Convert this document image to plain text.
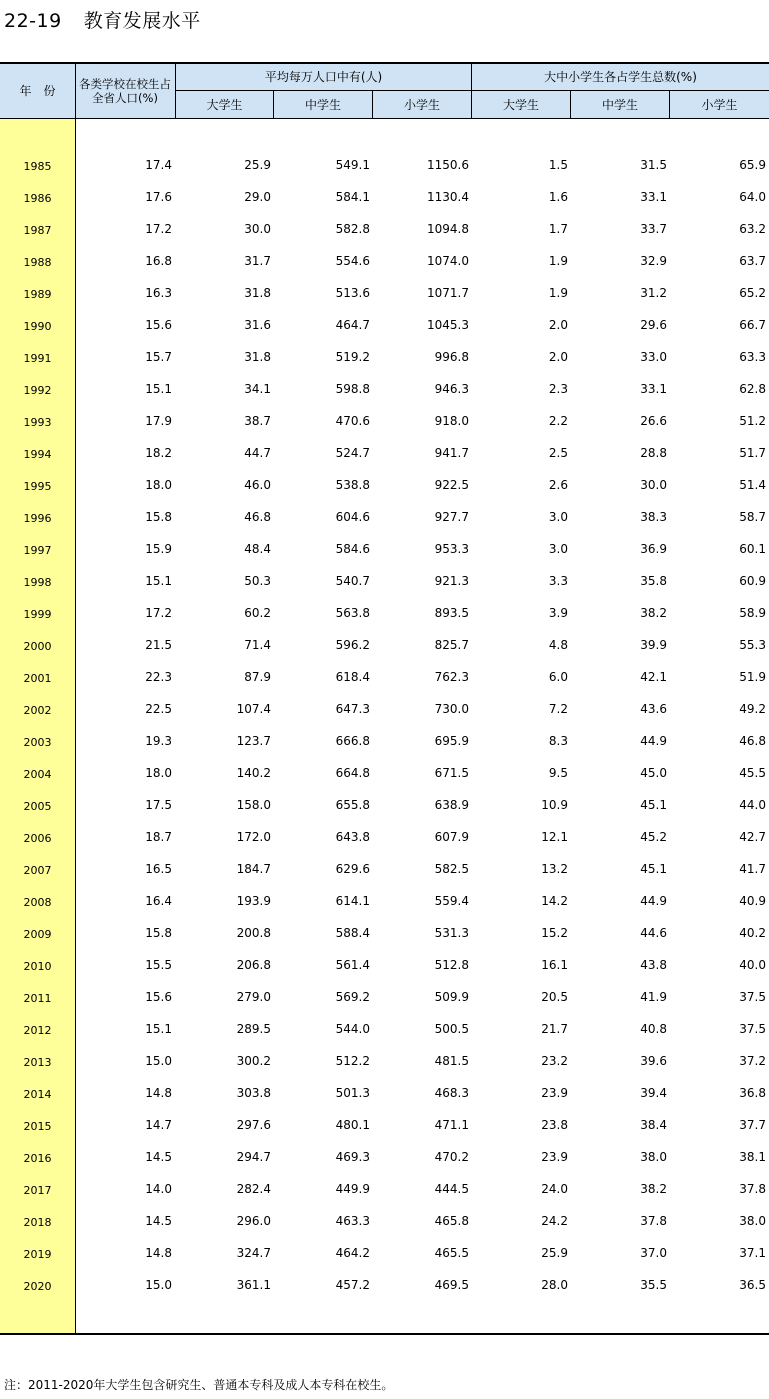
22-19 教育发展水平
年　份	各类学校在校生占全省人口(%)
平均每万人口中有(人)	大中小学生各占学生总数(%)
大学生	中学生	小学生	大学生	中学生	小学生
1985	17.4	25.9	549.1	1150.6	1.5	31.5	65.9
1986	17.6	29.0	584.1	1130.4	1.6	33.1	64.0
1987	17.2	30.0	582.8	1094.8	1.7	33.7	63.2
1988	16.8	31.7	554.6	1074.0	1.9	32.9	63.7
1989	16.3	31.8	513.6	1071.7	1.9	31.2	65.2
1990	15.6	31.6	464.7	1045.3	2.0	29.6	66.7
1991	15.7	31.8	519.2	996.8	2.0	33.0	63.3
1992	15.1	34.1	598.8	946.3	2.3	33.1	62.8
1993	17.9	38.7	470.6	918.0	2.2	26.6	51.2
1994	18.2	44.7	524.7	941.7	2.5	28.8	51.7
1995	18.0	46.0	538.8	922.5	2.6	30.0	51.4
1996	15.8	46.8	604.6	927.7	3.0	38.3	58.7
1997	15.9	48.4	584.6	953.3	3.0	36.9	60.1
1998	15.1	50.3	540.7	921.3	3.3	35.8	60.9
1999	17.2	60.2	563.8	893.5	3.9	38.2	58.9
2000	21.5	71.4	596.2	825.7	4.8	39.9	55.3
2001	22.3	87.9	618.4	762.3	6.0	42.1	51.9
2002	22.5	107.4	647.3	730.0	7.2	43.6	49.2
2003	19.3	123.7	666.8	695.9	8.3	44.9	46.8
2004	18.0	140.2	664.8	671.5	9.5	45.0	45.5
2005	17.5	158.0	655.8	638.9	10.9	45.1	44.0
2006	18.7	172.0	643.8	607.9	12.1	45.2	42.7
2007	16.5	184.7	629.6	582.5	13.2	45.1	41.7
2008	16.4	193.9	614.1	559.4	14.2	44.9	40.9
2009	15.8	200.8	588.4	531.3	15.2	44.6	40.2
2010	15.5	206.8	561.4	512.8	16.1	43.8	40.0
2011	15.6	279.0	569.2	509.9	20.5	41.9	37.5
2012	15.1	289.5	544.0	500.5	21.7	40.8	37.5
2013	15.0	300.2	512.2	481.5	23.2	39.6	37.2
2014	14.8	303.8	501.3	468.3	23.9	39.4	36.8
2015	14.7	297.6	480.1	471.1	23.8	38.4	37.7
2016	14.5	294.7	469.3	470.2	23.9	38.0	38.1
2017	14.0	282.4	449.9	444.5	24.0	38.2	37.8
2018	14.5	296.0	463.3	465.8	24.2	37.8	38.0
2019	14.8	324.7	464.2	465.5	25.9	37.0	37.1
2020	15.0	361.1	457.2	469.5	28.0	35.5	36.5
注：2011-2020年大学生包含研究生、普通本专科及成人本专科在校生。
